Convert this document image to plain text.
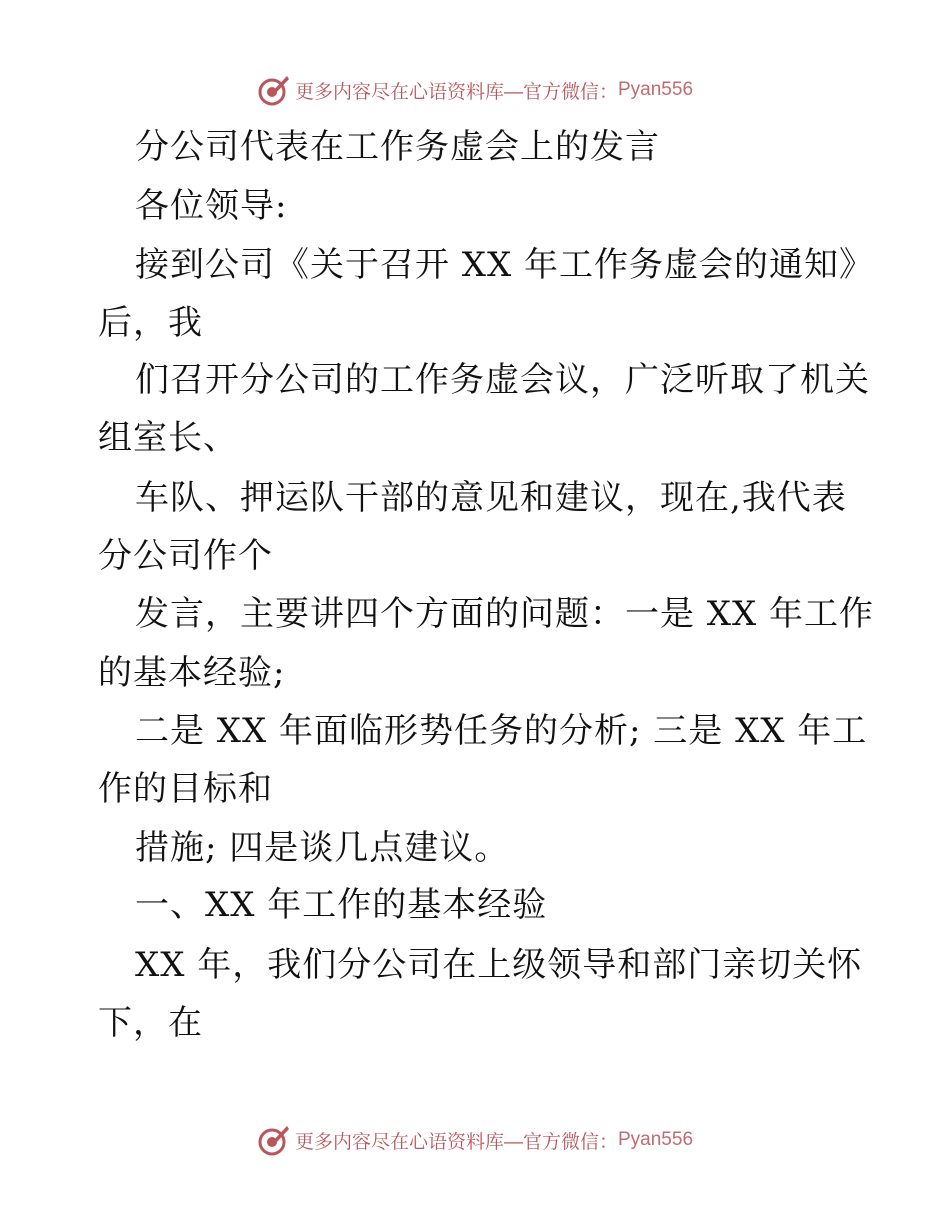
更多内容尽在心语资料库—官方微信： Pyan556
分公司代表在工作务虚会上的发言
各位领导:
接到公司《关于召开 XX 年工作务虚会的通知》
后，我
们召开分公司的工作务虚会议，广泛听取了机关
组室长、
车队、押运队干部的意见和建议，现在,我代表
分公司作个
发言，主要讲四个方面的问题：一是 XX 年工作
的基本经验;
二是 XX 年面临形势任务的分析; 三是 XX 年工
作的目标和
措施; 四是谈几点建议。
一、XX 年工作的基本经验
XX 年，我们分公司在上级领导和部门亲切关怀
下，在
更多内容尽在心语资料库—官方微信： Pyan556
